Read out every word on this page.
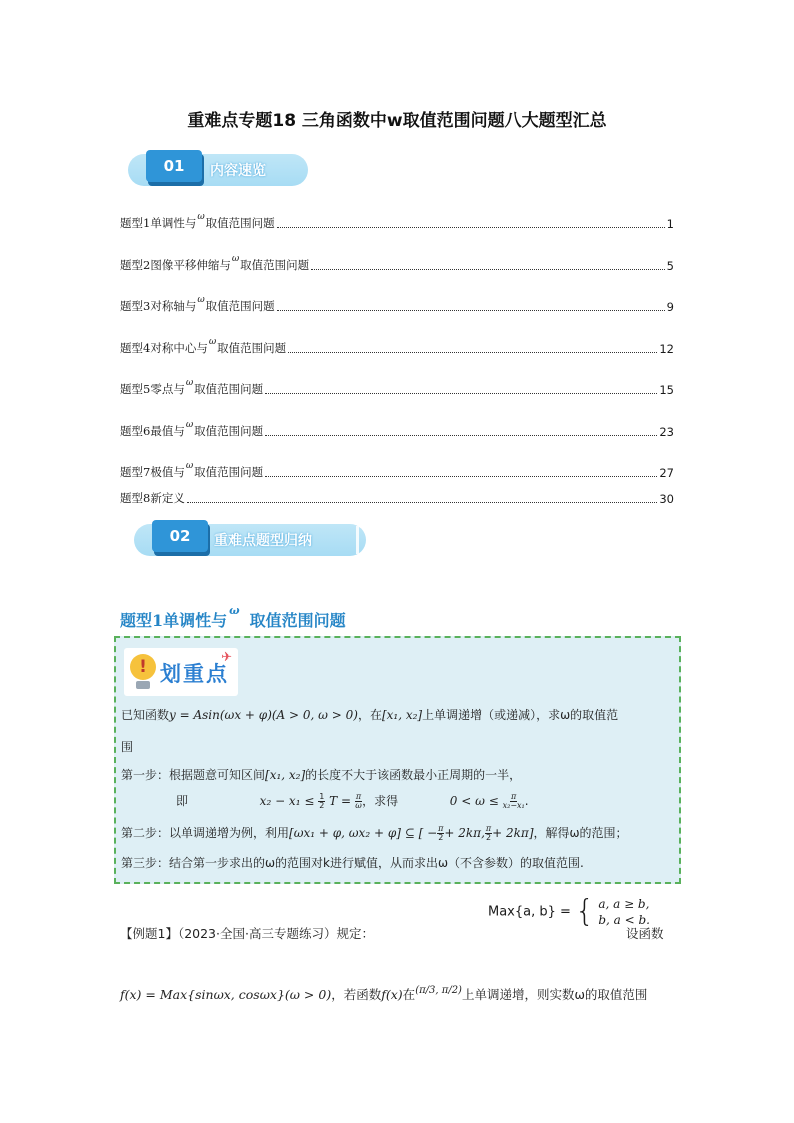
重难点专题18 三角函数中w取值范围问题八大题型汇总
01	内容速览
题型1单调性与$^\omega$取值范围问题	1
题型2图像平移伸缩与$^\omega$取值范围问题	5
题型3对称轴与$^\omega$取值范围问题	9
题型4对称中心与$^\omega$取值范围问题	12
题型5零点与$^\omega$取值范围问题	15
题型6最值与$^\omega$取值范围问题	23
题型7极值与$^\omega$取值范围问题	27
题型8新定义	30
02	重难点题型归纳
题型1单调性与$^\omega$取值范围问题
! 划重点
✈
已知函数y = Asin(ωx + φ)(A > 0, ω > 0)，在[x₁, x₂]上单调递增（或递减），求ω的取值范
围
第一步：根据题意可知区间[x₁, x₂]的长度不大于该函数最小正周期的一半，
即	$x_2 - x_1 \le \frac{1}{2}$ $T = \frac{\pi}{\omega}$ ，求得	$0 < \omega \le \frac{\pi}{\text{x₂−x₁}}$ .
第二步：以单调递增为例，利用[ωx₁ + φ, ωx₂ + φ] ⊆ [ − $\frac{\pi}{2} + 2k\pi$, $\frac{\pi}{2} + 2k\pi$]，解得ω的范围；
第三步：结合第一步求出的ω的范围对k进行赋值，从而求出ω（不含参数）的取值范围.
Max{a, b} = { a, a ≥ b,
b, a < b.
【例题1】（2023·全国·高三专题练习）规定：	设函数
f(x) = Max{sinωx, cosωx}(ω > 0)，若函数f(x)在$^{(\pi/3, \pi/2)}$上单调递增，则实数ω的取值范围
